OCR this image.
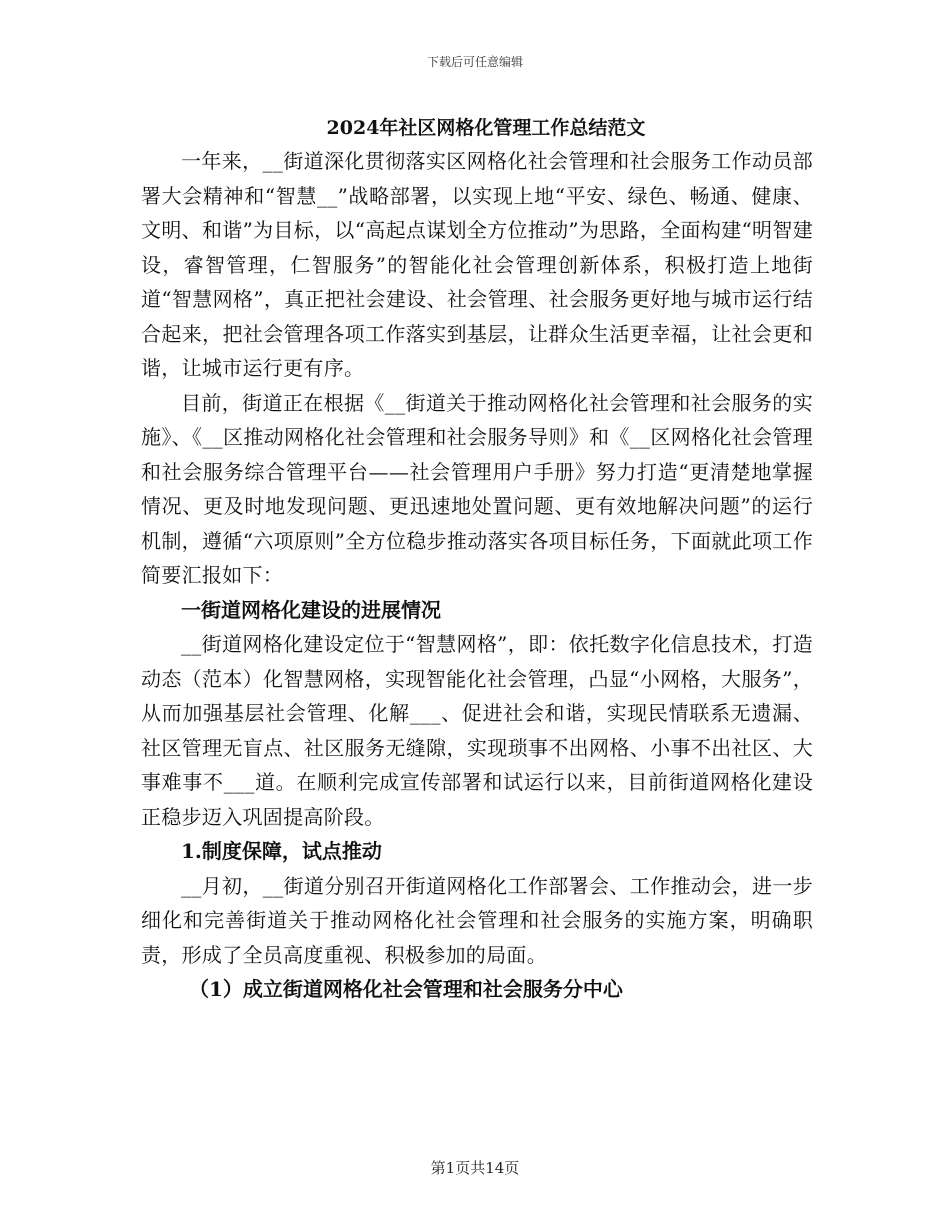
下载后可任意编辑
2024年社区网格化管理工作总结范文

一年来，__街道深化贯彻落实区网格化社会管理和社会服务工作动员部署大会精神和“智慧__”战略部署，以实现上地“平安、绿色、畅通、健康、文明、和谐”为目标，以“高起点谋划全方位推动”为思路，全面构建“明智建设，睿智管理，仁智服务”的智能化社会管理创新体系，积极打造上地街道“智慧网格”，真正把社会建设、社会管理、社会服务更好地与城市运行结合起来，把社会管理各项工作落实到基层，让群众生活更幸福，让社会更和谐，让城市运行更有序。

目前，街道正在根据《__街道关于推动网格化社会管理和社会服务的实施》、《__区推动网格化社会管理和社会服务导则》和《__区网格化社会管理和社会服务综合管理平台——社会管理用户手册》努力打造“更清楚地掌握情况、更及时地发现问题、更迅速地处置问题、更有效地解决问题”的运行机制，遵循“六项原则”全方位稳步推动落实各项目标任务，下面就此项工作简要汇报如下：

一街道网格化建设的进展情况

__街道网格化建设定位于“智慧网格”，即：依托数字化信息技术，打造动态（范本）化智慧网格，实现智能化社会管理，凸显“小网格，大服务”，从而加强基层社会管理、化解___、促进社会和谐，实现民情联系无遗漏、社区管理无盲点、社区服务无缝隙，实现琐事不出网格、小事不出社区、大事难事不___道。在顺利完成宣传部署和试运行以来，目前街道网格化建设正稳步迈入巩固提高阶段。

1.制度保障，试点推动

__月初，__街道分别召开街道网格化工作部署会、工作推动会，进一步细化和完善街道关于推动网格化社会管理和社会服务的实施方案，明确职责，形成了全员高度重视、积极参加的局面。

（1）成立街道网格化社会管理和社会服务分中心

第1页共14页
